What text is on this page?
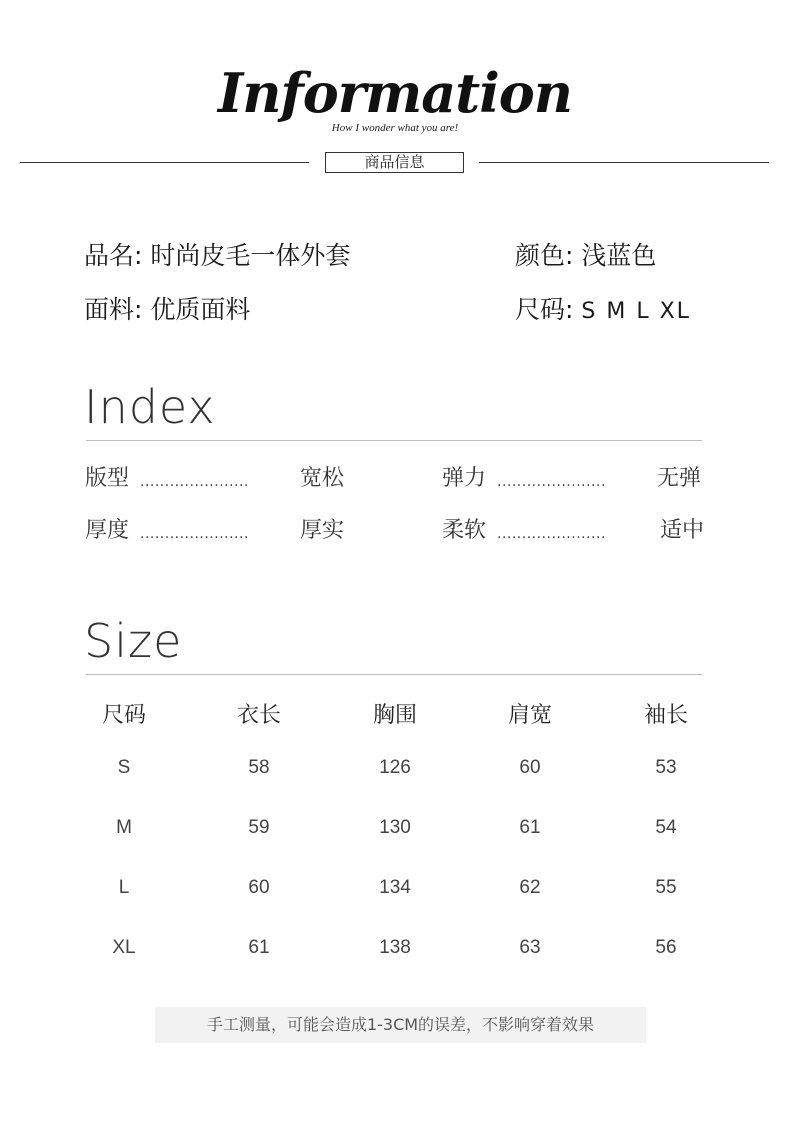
Information
How I wonder what you are!
商品信息
品名: 时尚皮毛一体外套	颜色: 浅蓝色
面料: 优质面料	尺码: S M L XL
Index
版型 ...................... 宽松	弹力 ...................... 无弹
厚度 ...................... 厚实	柔软 ...................... 适中
Size
尺码	衣长	胸围	肩宽	袖长
S	58	126	60	53
M	59	130	61	54
L	60	134	62	55
XL	61	138	63	56
手工测量，可能会造成1-3CM的误差，不影响穿着效果
